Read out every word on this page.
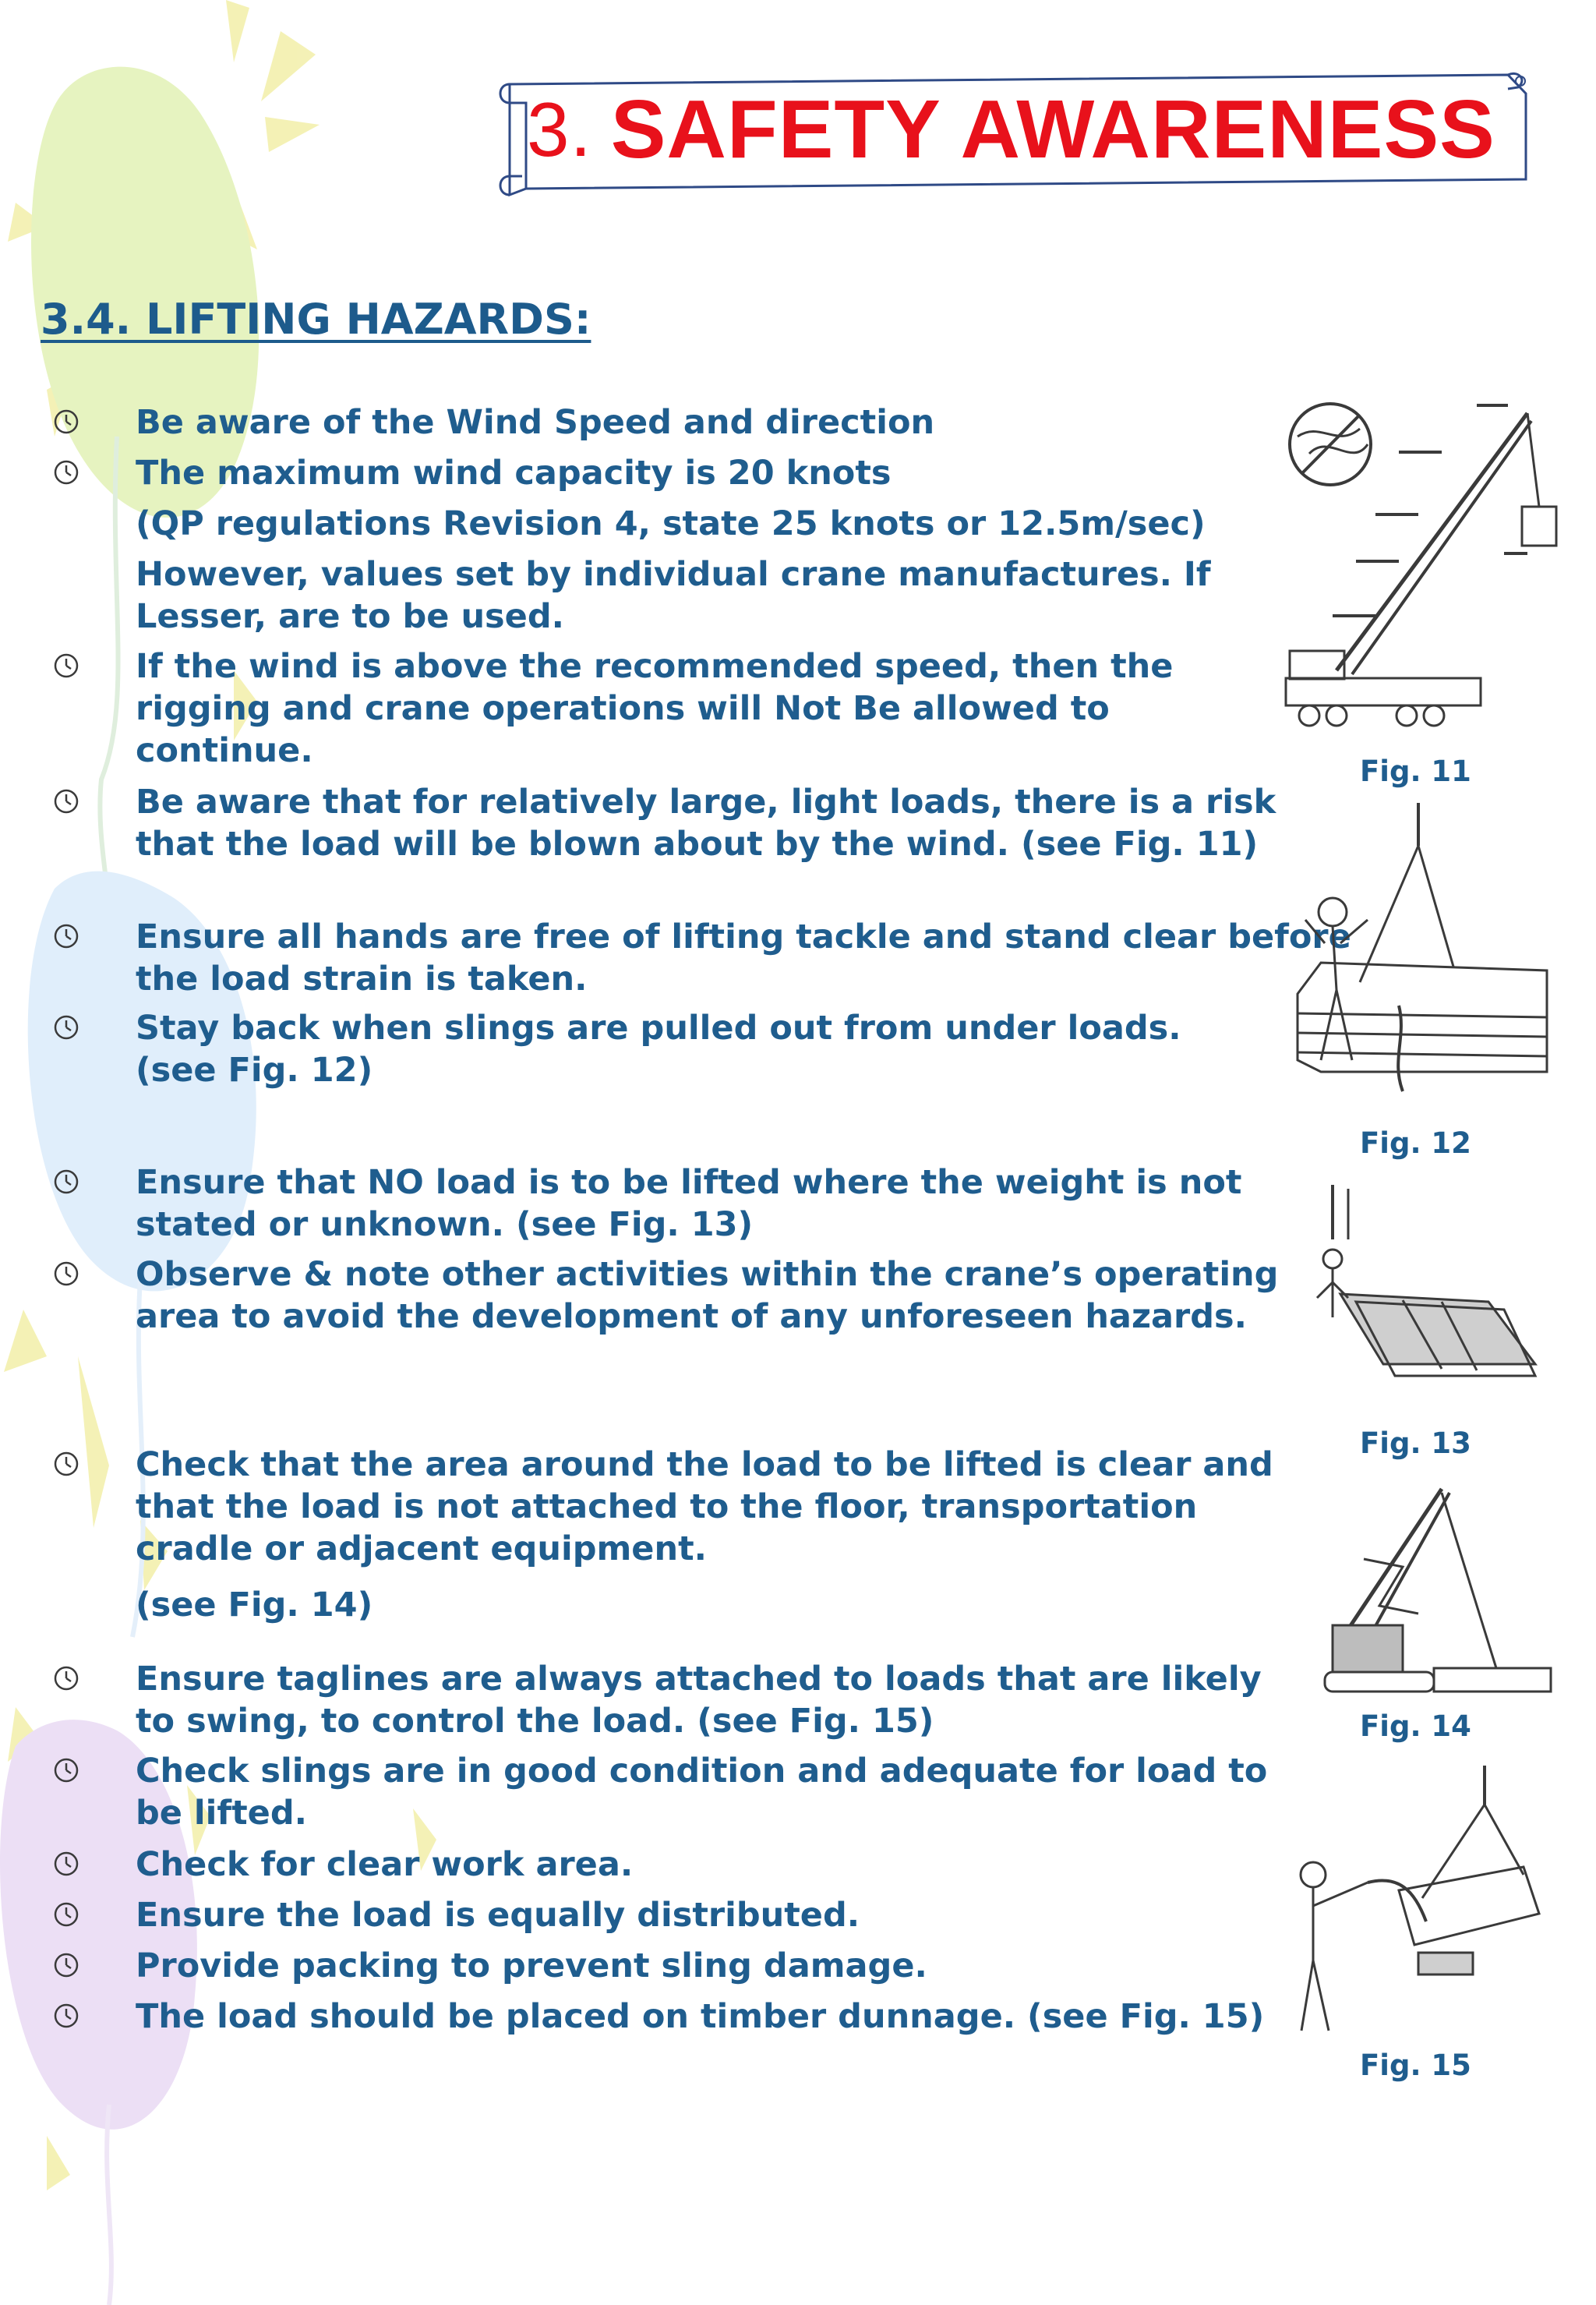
3. SAFETY AWARENESS
3.4. LIFTING HAZARDS:
Be aware of the Wind Speed and direction
The maximum wind capacity is 20 knots
(QP regulations Revision 4, state 25 knots or 12.5m/sec)
However, values set by individual crane manufactures. If
Lesser, are to be used.
If the wind is above the recommended speed, then the
rigging and crane operations will Not Be allowed to
continue.
Be aware that for relatively large, light loads, there is a risk
that the load will be blown about by the wind. (see Fig. 11)
Ensure all hands are free of lifting tackle and stand clear before
the load strain is taken.
Stay back when slings are pulled out from under loads.
(see Fig. 12)
Ensure that NO load is to be lifted where the weight is not
stated or unknown. (see Fig. 13)
Observe & note other activities within the crane’s operating
area to avoid the development of any unforeseen hazards.
Check that the area around the load to be lifted is clear and
that the load is not attached to the floor, transportation
cradle or adjacent equipment.
(see Fig. 14)
Ensure taglines are always attached to loads that are likely
to swing, to control the load. (see Fig. 15)
Check slings are in good condition and adequate for load to
be lifted.
Check for clear work area.
Ensure the load is equally distributed.
Provide packing to prevent sling damage.
The load should be placed on timber dunnage. (see Fig. 15)
Fig. 11
Fig. 12
Fig. 13
Fig. 14
Fig. 15
